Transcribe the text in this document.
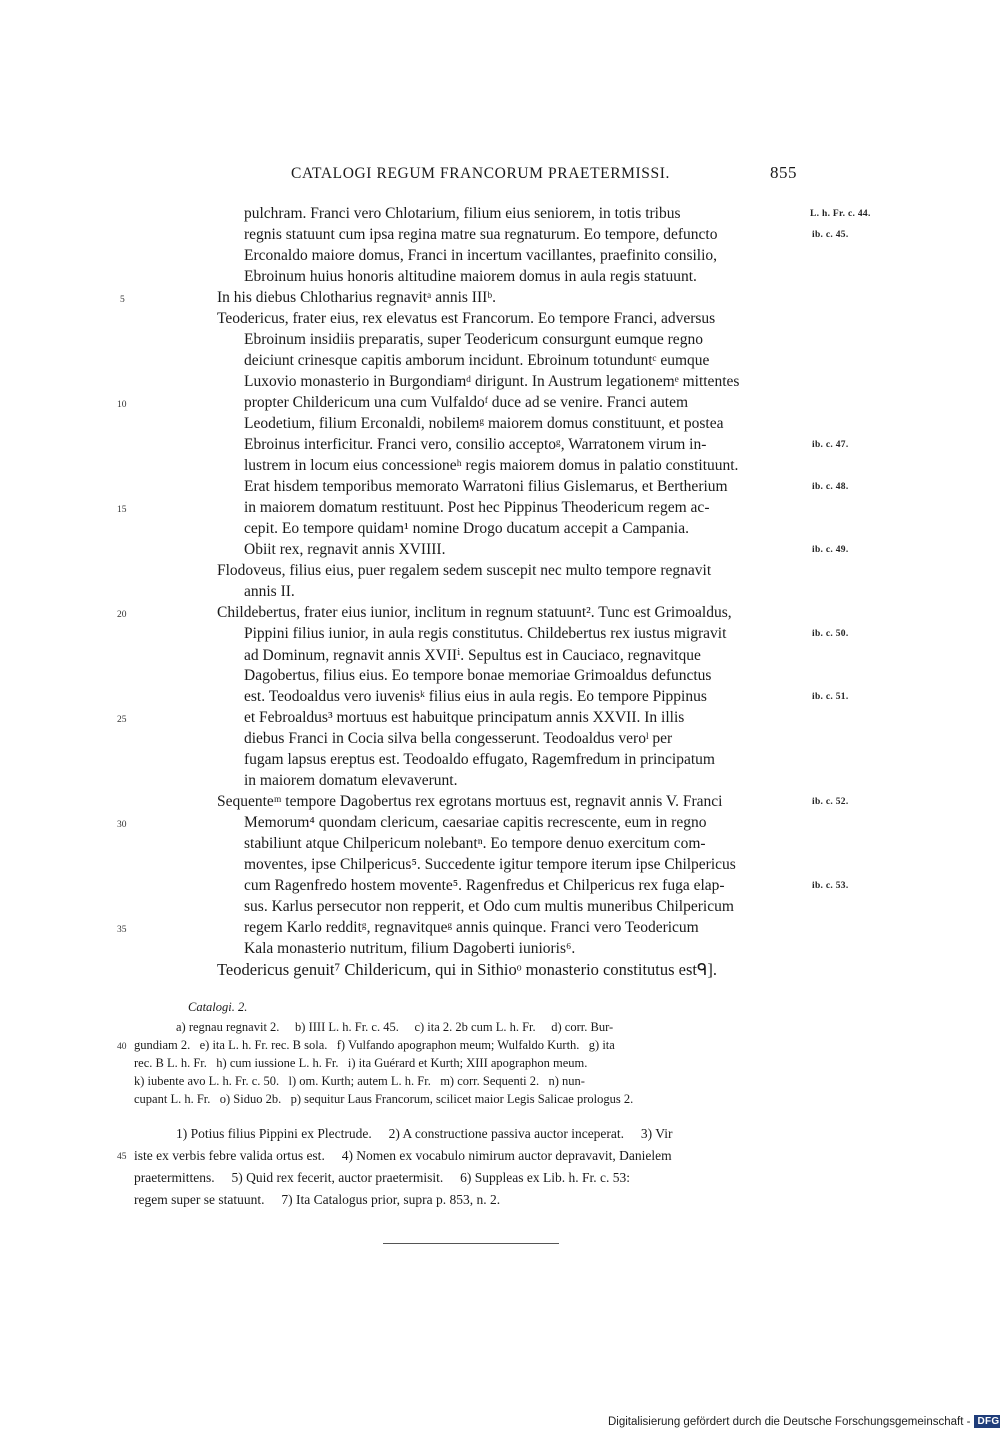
CATALOGI REGUM FRANCORUM PRAETERMISSI.	855
pulchram. Franci vero Chlotarium, filium eius seniorem, in totis tribus
regnis statuunt cum ipsa regina matre sua regnaturum. Eo tempore, defuncto
Erconaldo maiore domus, Franci in incertum vacillantes, praefinito consilio,
Ebroinum huius honoris altitudine maiorem domus in aula regis statuunt.
In his diebus Chlotharius regnavitᵃ annis IIIᵇ.
Teodericus, frater eius, rex elevatus est Francorum. Eo tempore Franci, adversus
Ebroinum insidiis preparatis, super Teodericum consurgunt eumque regno
deiciunt crinesque capitis amborum incidunt. Ebroinum totunduntᶜ eumque
Luxovio monasterio in Burgondiamᵈ dirigunt. In Austrum legationemᵉ mittentes
propter Childericum una cum Vulfaldoᶠ duce ad se venire. Franci autem
Leodetium, filium Erconaldi, nobilemᵍ maiorem domus constituunt, et postea
Ebroinus interficitur. Franci vero, consilio acceptoᵍ, Warratonem virum in-
lustrem in locum eius concessioneʰ regis maiorem domus in palatio constituunt.
Erat hisdem temporibus memorato Warratoni filius Gislemarus, et Bertherium
in maiorem domatum restituunt. Post hec Pippinus Theodericum regem ac-
cepit. Eo tempore quidam¹ nomine Drogo ducatum accepit a Campania.
Obiit rex, regnavit annis XVIIII.
Flodoveus, filius eius, puer regalem sedem suscepit nec multo tempore regnavit
annis II.
Childebertus, frater eius iunior, inclitum in regnum statuunt². Tunc est Grimoaldus,
Pippini filius iunior, in aula regis constitutus. Childebertus rex iustus migravit
ad Dominum, regnavit annis XVIIⁱ. Sepultus est in Cauciaco, regnavitque
Dagobertus, filius eius. Eo tempore bonae memoriae Grimoaldus defunctus
est. Teodoaldus vero iuvenisᵏ filius eius in aula regis. Eo tempore Pippinus
et Febroaldus³ mortuus est habuitque principatum annis XXVII. In illis
diebus Franci in Cocia silva bella congesserunt. Teodoaldus veroˡ per
fugam lapsus ereptus est. Teodoaldo effugato, Ragemfredum in principatum
in maiorem domatum elevaverunt.
Sequenteᵐ tempore Dagobertus rex egrotans mortuus est, regnavit annis V. Franci
Memorum⁴ quondam clericum, caesariae capitis recrescente, eum in regno
stabiliunt atque Chilpericum nolebantⁿ. Eo tempore denuo exercitum com-
moventes, ipse Chilpericus⁵. Succedente igitur tempore iterum ipse Chilpericus
cum Ragenfredo hostem movente⁵. Ragenfredus et Chilpericus rex fuga elap-
sus. Karlus persecutor non repperit, et Odo cum multis muneribus Chilpericum
regem Karlo redditᵍ, regnavitqueᵍ annis quinque. Franci vero Teodericum
Kala monasterio nutritum, filium Dagoberti iunioris⁶.
Teodericus genuit⁷ Childericum, qui in Sithioᵒ monasterio constitutus estᑫ].
5
10
15
20
25
30
35
40
45
L. h. Fr. c. 44.
ib. c. 45.
ib. c. 47.
ib. c. 48.
ib. c. 49.
ib. c. 50.
ib. c. 51.
ib. c. 52.
ib. c. 53.
Catalogi. 2.
a) regnau regnavit 2.     b) IIII L. h. Fr. c. 45.     c) ita 2. 2b cum L. h. Fr.     d) corr. Bur-
gundiam 2.   e) ita L. h. Fr. rec. B sola.   f) Vulfando apographon meum; Wulfaldo Kurth.   g) ita
rec. B L. h. Fr.   h) cum iussione L. h. Fr.   i) ita Guérard et Kurth; XIII apographon meum.
k) iubente avo L. h. Fr. c. 50.   l) om. Kurth; autem L. h. Fr.   m) corr. Sequenti 2.   n) nun-
cupant L. h. Fr.   o) Siduo 2b.   p) sequitur Laus Francorum, scilicet maior Legis Salicae prologus 2.
1) Potius filius Pippini ex Plectrude.     2) A constructione passiva auctor inceperat.     3) Vir
iste ex verbis febre valida ortus est.     4) Nomen ex vocabulo nimirum auctor depravavit, Danielem
praetermittens.     5) Quid rex fecerit, auctor praetermisit.     6) Suppleas ex Lib. h. Fr. c. 53:
regem super se statuunt.     7) Ita Catalogus prior, supra p. 853, n. 2.
Digitalisierung gefördert durch die Deutsche Forschungsgemeinschaft - DFG
